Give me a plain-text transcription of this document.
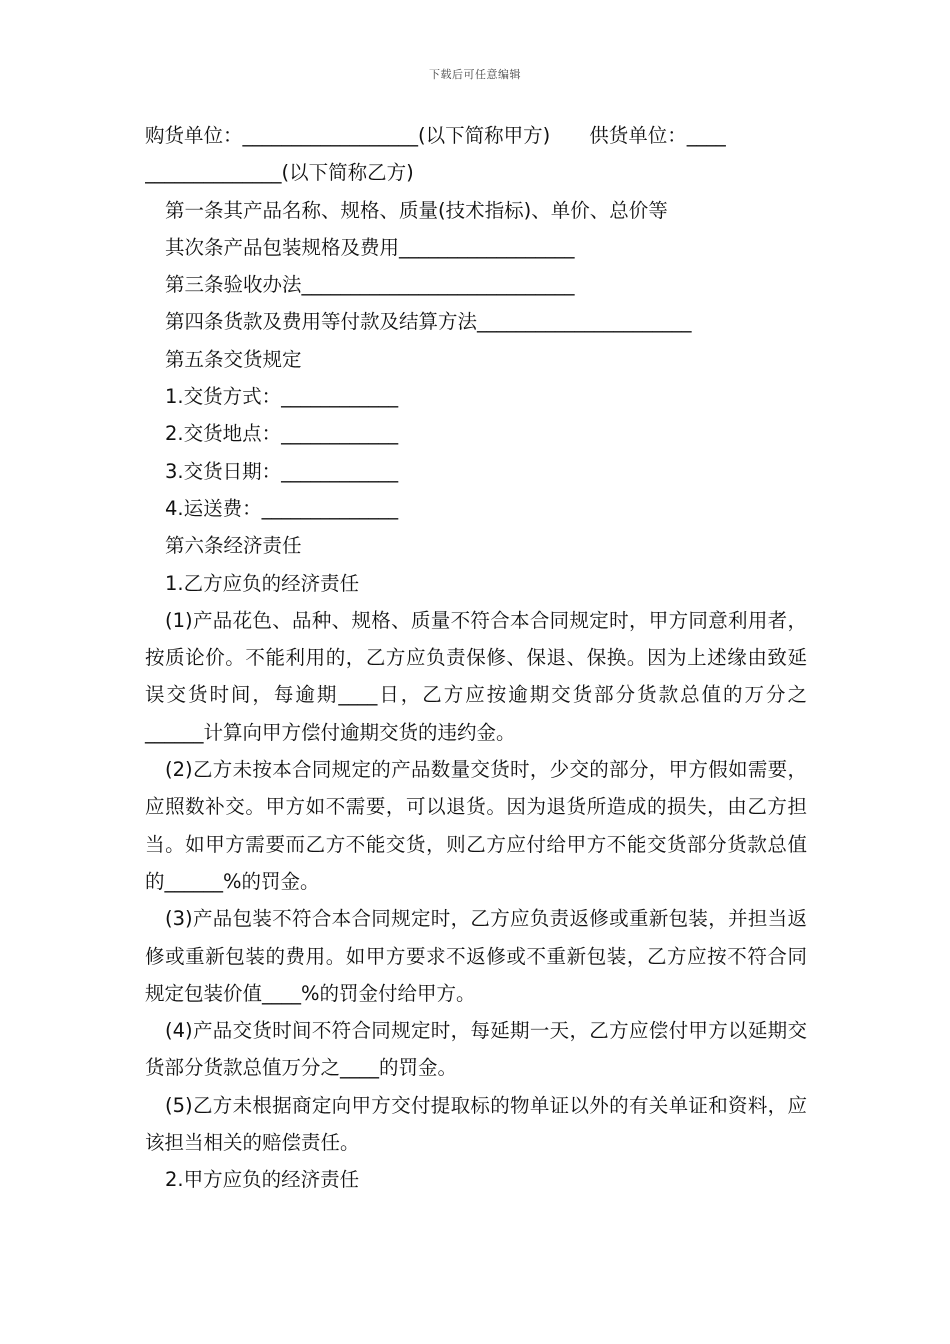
下载后可任意编辑
购货单位：__________________(以下简称甲方)　　供货单位：____
______________(以下简称乙方)
第一条其产品名称、规格、质量(技术指标)、单价、总价等
其次条产品包装规格及费用__________________
第三条验收办法____________________________
第四条货款及费用等付款及结算方法______________________
第五条交货规定
1.交货方式：____________
2.交货地点：____________
3.交货日期：____________
4.运送费：______________
第六条经济责任
1.乙方应负的经济责任

(1)产品花色、品种、规格、质量不符合本合同规定时，甲方同意利用者，按质论价。不能利用的，乙方应负责保修、保退、保换。因为上述缘由致延误交货时间，每逾期____日，乙方应按逾期交货部分货款总值的万分之______计算向甲方偿付逾期交货的违约金。

(2)乙方未按本合同规定的产品数量交货时，少交的部分，甲方假如需要，应照数补交。甲方如不需要，可以退货。因为退货所造成的损失，由乙方担当。如甲方需要而乙方不能交货，则乙方应付给甲方不能交货部分货款总值的______%的罚金。

(3)产品包装不符合本合同规定时，乙方应负责返修或重新包装，并担当返修或重新包装的费用。如甲方要求不返修或不重新包装，乙方应按不符合同规定包装价值____%的罚金付给甲方。

(4)产品交货时间不符合同规定时，每延期一天，乙方应偿付甲方以延期交货部分货款总值万分之____的罚金。

(5)乙方未根据商定向甲方交付提取标的物单证以外的有关单证和资料，应该担当相关的赔偿责任。

2.甲方应负的经济责任
